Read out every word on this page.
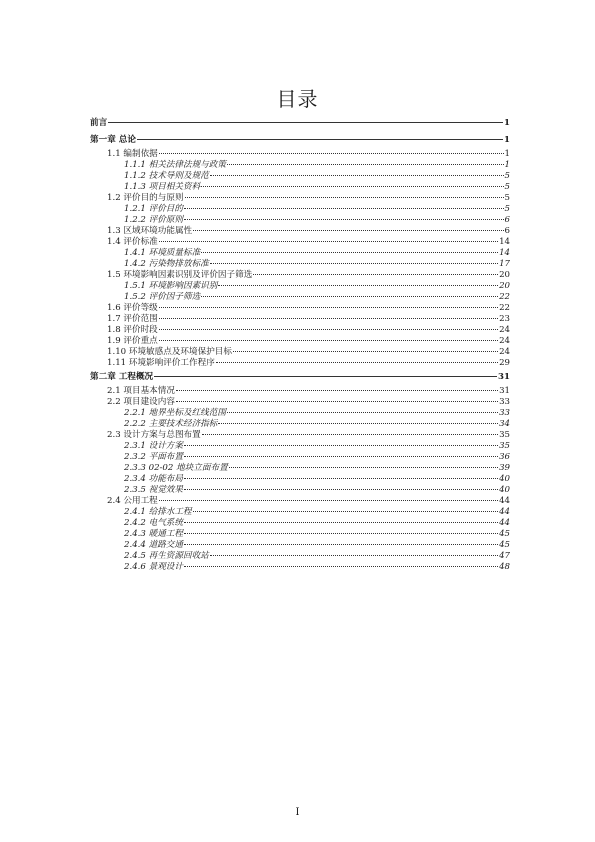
目录
前言	1
第一章 总论	1
1.1 编制依据	1
1.1.1 相关法律法规与政策	1
1.1.2 技术导则及规范	5
1.1.3 项目相关资料	5
1.2 评价目的与原则	5
1.2.1 评价目的	5
1.2.2 评价原则	6
1.3 区域环境功能属性	6
1.4 评价标准	14
1.4.1 环境质量标准	14
1.4.2 污染物排放标准	17
1.5 环境影响因素识别及评价因子筛选	20
1.5.1 环境影响因素识别	20
1.5.2 评价因子筛选	22
1.6 评价等级	22
1.7 评价范围	23
1.8 评价时段	24
1.9 评价重点	24
1.10 环境敏感点及环境保护目标	24
1.11 环境影响评价工作程序	29
第二章 工程概况	31
2.1 项目基本情况	31
2.2 项目建设内容	33
2.2.1 地界坐标及红线范围	33
2.2.2 主要技术经济指标	34
2.3 设计方案与总图布置	35
2.3.1 设计方案	35
2.3.2 平面布置	36
2.3.3 02-02 地块立面布置	39
2.3.4 功能布局	40
2.3.5 视觉效果	40
2.4 公用工程	44
2.4.1 给排水工程	44
2.4.2 电气系统	44
2.4.3 暖通工程	45
2.4.4 道路交通	45
2.4.5 再生资源回收站	47
2.4.6 景观设计	48
I
